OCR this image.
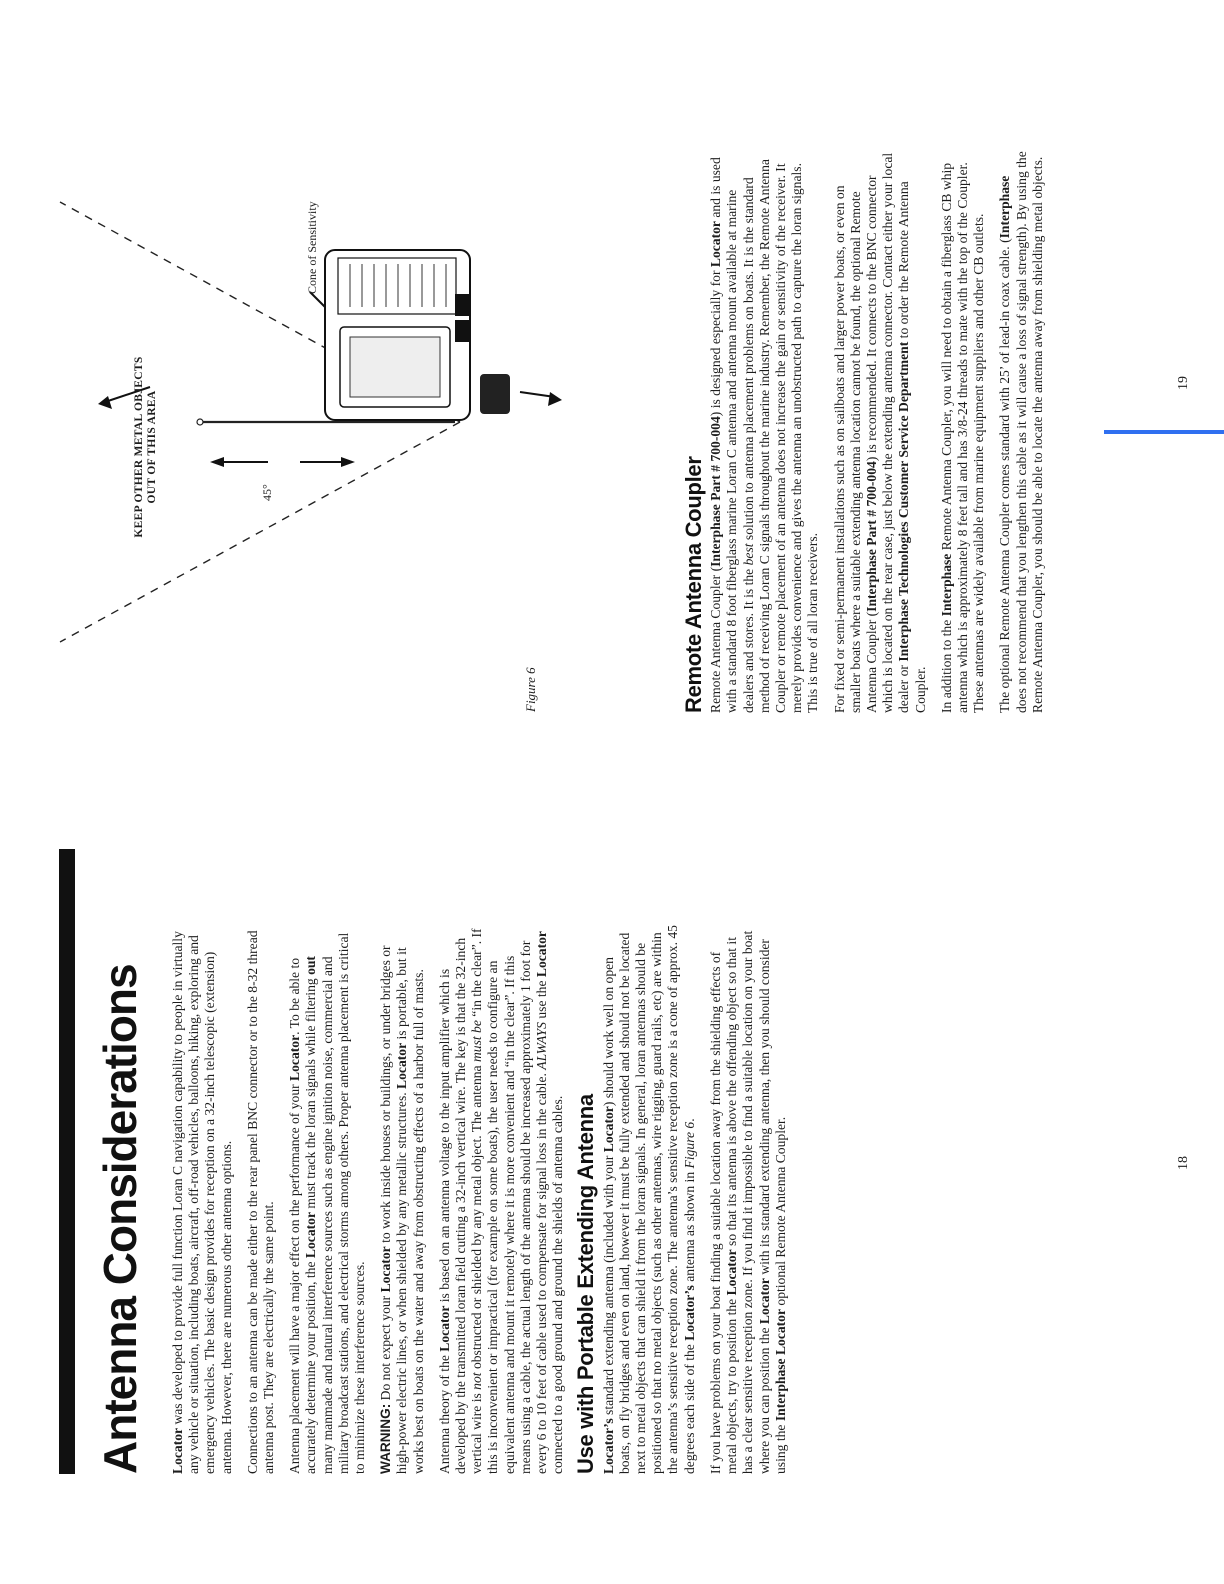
Antenna Considerations Locator was developed to provide full function Loran C navigation capability to people in virtually any vehicle or situation, including boats, aircraft, off-road vehicles, balloons, hiking, exploring and emergency vehicles. The basic design provides for reception on a 32-inch telescopic (extension) antenna. However, there are numerous other antenna options. Connections to an antenna can be made either to the rear panel BNC connector or to the 8-32 thread antenna post. They are electrically the same point. Antenna placement will have a major effect on the performance of your Locator. To be able to accurately determine your position, the Locator must track the loran signals while filtering out many manmade and natural interference sources such as engine ignition noise, commercial and military broadcast stations, and electrical storms among others. Proper antenna placement is critical to minimize these interference sources. WARNING: Do not expect your Locator to work inside houses or buildings, or under bridges or high-power electric lines, or when shielded by any metallic structures. Locator is portable, but it works best on boats on the water and away from obstructing effects of a harbor full of masts. Antenna theory of the Locator is based on an antenna voltage to the input amplifier which is developed by the transmitted loran field cutting a 32-inch vertical wire. The key is that the 32-inch vertical wire is not obstructed or shielded by any metal object. The antenna must be “in the clear”. If this is inconvenient or impractical (for example on some boats), the user needs to configure an equivalent antenna and mount it remotely where it is more convenient and “in the clear”. If this means using a cable, the actual length of the antenna should be increased approximately 1 foot for every 6 to 10 feet of cable used to compensate for signal loss in the cable. ALWAYS use the Locator connected to a good ground and ground the shields of antenna cables. Use with Portable Extending Antenna Locator’s standard extending antenna (included with your Locator) should work well on open boats, on fly bridges and even on land, however it must be fully extended and should not be located next to metal objects that can shield it from the loran signals. In general, loran antennas should be positioned so that no metal objects (such as other antennas, wire rigging, guard rails, etc) are within the antenna’s sensitive reception zone. The antenna’s sensitive reception zone is a cone of approx. 45 degrees each side of the Locator’s antenna as shown in Figure 6. If you have problems on your boat finding a suitable location away from the shielding effects of metal objects, try to position the Locator so that its antenna is above the offending object so that it has a clear sensitive reception zone. If you find it impossible to find a suitable location on your boat where you can position the Locator with its standard extending antenna, then you should consider using the Interphase Locator optional Remote Antenna Coupler.	18
KEEP OTHER METAL OBJECTS OUT OF THIS AREA	45°
Cone of Sensitivity
Figure 6	Remote Antenna Coupler Remote Antenna Coupler (Interphase Part # 700-004) is designed especially for Locator and is used with a standard 8 foot fiberglass marine Loran C antenna and antenna mount available at marine dealers and stores. It is the best solution to antenna placement problems on boats. It is the standard method of receiving Loran C signals throughout the marine industry. Remember, the Remote Antenna Coupler or remote placement of an antenna does not increase the gain or sensitivity of the receiver. It merely provides convenience and gives the antenna an unobstructed path to capture the loran signals. This is true of all loran receivers. For fixed or semi-permanent installations such as on sailboats and larger power boats, or even on smaller boats where a suitable extending antenna location cannot be found, the optional Remote Antenna Coupler (Interphase Part # 700-004) is recommended. It connects to the BNC connector which is located on the rear case, just below the extending antenna connector. Contact either your local dealer or Interphase Technologies Customer Service Department to order the Remote Antenna Coupler. In addition to the Interphase Remote Antenna Coupler, you will need to obtain a fiberglass CB whip antenna which is approximately 8 feet tall and has 3/8-24 threads to mate with the top of the Coupler. These antennas are widely available from marine equipment suppliers and other CB outlets. The optional Remote Antenna Coupler comes standard with 25’ of lead-in coax cable. (Interphase does not recommend that you lengthen this cable as it will cause a loss of signal strength). By using the Remote Antenna Coupler, you should be able to locate the antenna away from shielding metal objects.	19
